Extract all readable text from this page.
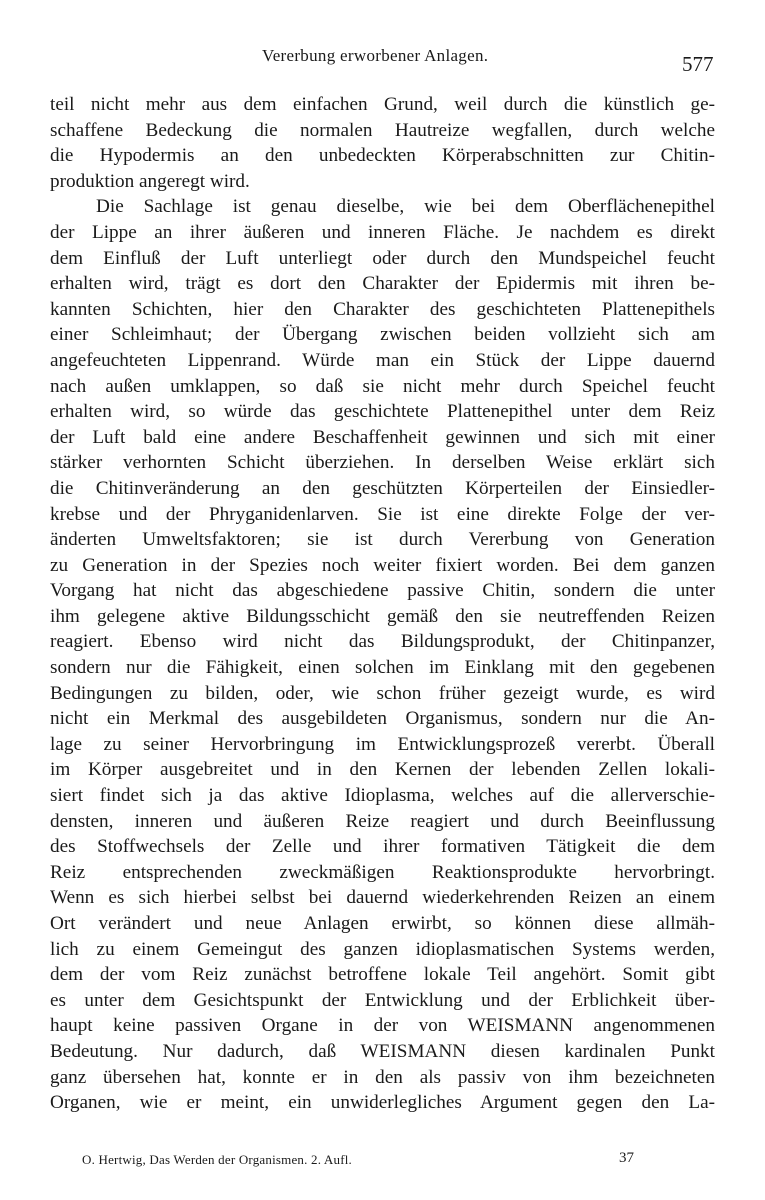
Vererbung erworbener Anlagen.	577
teil nicht mehr aus dem einfachen Grund, weil durch die künstlich ge-
schaffene Bedeckung die normalen Hautreize wegfallen, durch welche
die Hypodermis an den unbedeckten Körperabschnitten zur Chitin-
produktion angeregt wird.
Die Sachlage ist genau dieselbe, wie bei dem Oberflächenepithel
der Lippe an ihrer äußeren und inneren Fläche. Je nachdem es direkt
dem Einfluß der Luft unterliegt oder durch den Mundspeichel feucht
erhalten wird, trägt es dort den Charakter der Epidermis mit ihren be-
kannten Schichten, hier den Charakter des geschichteten Plattenepithels
einer Schleimhaut; der Übergang zwischen beiden vollzieht sich am
angefeuchteten Lippenrand. Würde man ein Stück der Lippe dauernd
nach außen umklappen, so daß sie nicht mehr durch Speichel feucht
erhalten wird, so würde das geschichtete Plattenepithel unter dem Reiz
der Luft bald eine andere Beschaffenheit gewinnen und sich mit einer
stärker verhornten Schicht überziehen. In derselben Weise erklärt sich
die Chitinveränderung an den geschützten Körperteilen der Einsiedler-
krebse und der Phryganidenlarven. Sie ist eine direkte Folge der ver-
änderten Umweltsfaktoren; sie ist durch Vererbung von Generation
zu Generation in der Spezies noch weiter fixiert worden. Bei dem ganzen
Vorgang hat nicht das abgeschiedene passive Chitin, sondern die unter
ihm gelegene aktive Bildungsschicht gemäß den sie neutreffenden Reizen
reagiert. Ebenso wird nicht das Bildungsprodukt, der Chitinpanzer,
sondern nur die Fähigkeit, einen solchen im Einklang mit den gegebenen
Bedingungen zu bilden, oder, wie schon früher gezeigt wurde, es wird
nicht ein Merkmal des ausgebildeten Organismus, sondern nur die An-
lage zu seiner Hervorbringung im Entwicklungsprozeß vererbt. Überall
im Körper ausgebreitet und in den Kernen der lebenden Zellen lokali-
siert findet sich ja das aktive Idioplasma, welches auf die allerverschie-
densten, inneren und äußeren Reize reagiert und durch Beeinflussung
des Stoffwechsels der Zelle und ihrer formativen Tätigkeit die dem
Reiz entsprechenden zweckmäßigen Reaktionsprodukte hervorbringt.
Wenn es sich hierbei selbst bei dauernd wiederkehrenden Reizen an einem
Ort verändert und neue Anlagen erwirbt, so können diese allmäh-
lich zu einem Gemeingut des ganzen idioplasmatischen Systems werden,
dem der vom Reiz zunächst betroffene lokale Teil angehört. Somit gibt
es unter dem Gesichtspunkt der Entwicklung und der Erblichkeit über-
haupt keine passiven Organe in der von WEISMANN angenommenen
Bedeutung. Nur dadurch, daß WEISMANN diesen kardinalen Punkt
ganz übersehen hat, konnte er in den als passiv von ihm bezeichneten
Organen, wie er meint, ein unwiderlegliches Argument gegen den La-
O. Hertwig, Das Werden der Organismen. 2. Aufl.	37
